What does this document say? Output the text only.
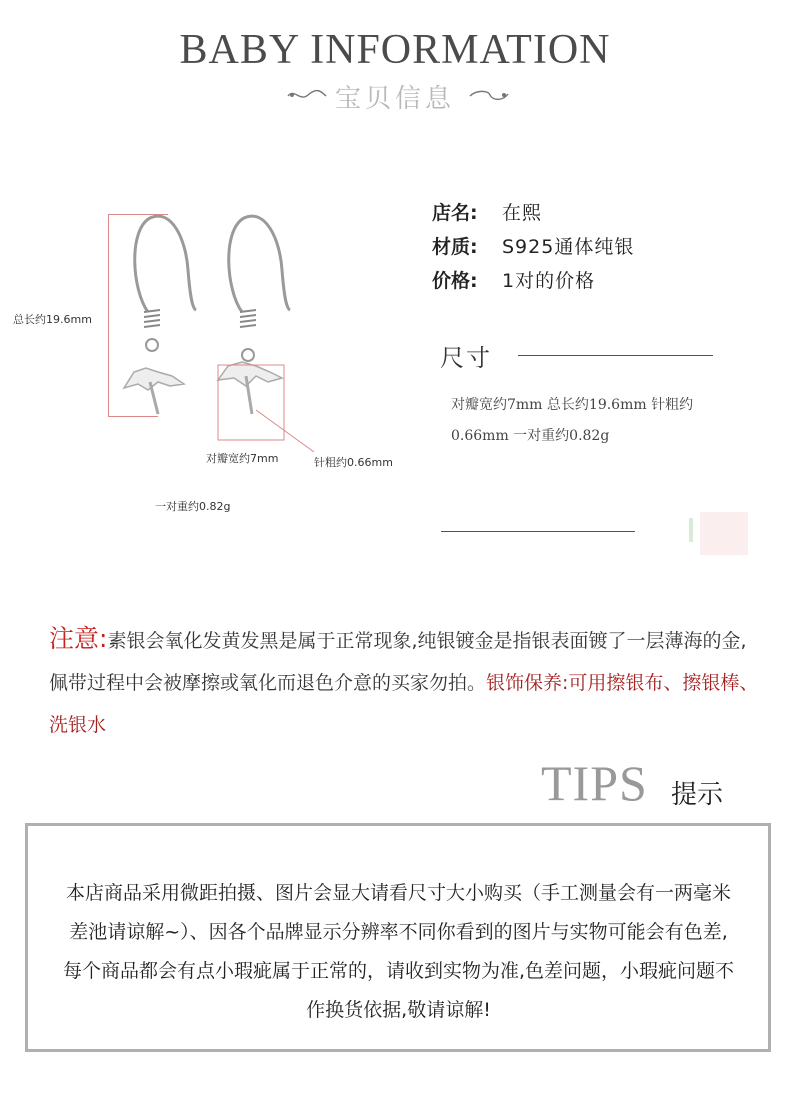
BABY INFORMATION
宝贝信息
总长约19.6mm
对瓣宽约7mm	针粗约0.66mm
一对重约0.82g
店名: 在熙
材质: S925通体纯银
价格: 1对的价格
尺寸
对瓣宽约7mm 总长约19.6mm 针粗约0.66mm 一对重约0.82g
注意:素银会氧化发黄发黑是属于正常现象,纯银镀金是指银表面镀了一层薄海的金,佩带过程中会被摩擦或氧化而退色介意的买家勿拍。银饰保养:可用擦银布、擦银棒、洗银水
TIPS 提示
本店商品采用微距拍摄、图片会显大请看尺寸大小购买（手工测量会有一两毫米差池请谅解~）、因各个品牌显示分辨率不同你看到的图片与实物可能会有色差,每个商品都会有点小瑕疵属于正常的，请收到实物为准,色差问题，小瑕疵问题不作换货依据,敬请谅解!
